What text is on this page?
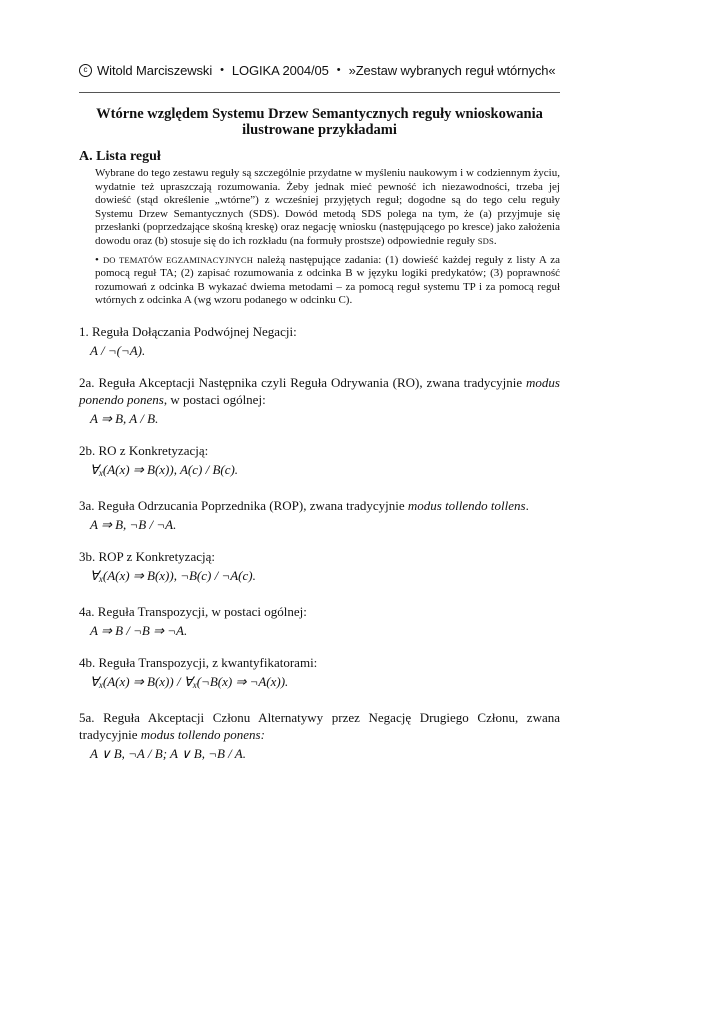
c Witold Marciszewski • LOGIKA 2004/05 • »Zestaw wybranych reguł wtórnych«
Wtórne względem Systemu Drzew Semantycznych reguły wnioskowania
ilustrowane przykładami
A. Lista reguł

Wybrane do tego zestawu reguły są szczególnie przydatne w myśleniu naukowym i w codziennym życiu, wydatnie też upraszczają rozumowania. Żeby jednak mieć pewność ich niezawodności, trzeba jej dowieść (stąd określenie „wtórne”) z wcześniej przyjętych reguł; dogodne są do tego celu reguły Systemu Drzew Semantycznych (SDS). Dowód metodą SDS polega na tym, że (a) przyjmuje się przesłanki (poprzedzające skośną kreskę) oraz negację wniosku (następującego po kresce) jako założenia dowodu oraz (b) stosuje się do ich rozkładu (na formuły prostsze) odpowiednie reguły SDS.

• DO TEMATÓW EGZAMINACYJNYCH należą następujące zadania: (1) dowieść każdej reguły z listy A za pomocą reguł TA; (2) zapisać rozumowania z odcinka B w języku logiki predykatów; (3) poprawność rozumowań z odcinka B wykazać dwiema metodami – za pomocą reguł systemu TP i za pomocą reguł wtórnych z odcinka A (wg wzoru podanego w odcinku C).

1. Reguła Dołączania Podwójnej Negacji:
A / ¬(¬A).
2a. Reguła Akceptacji Następnika czyli Reguła Odrywania (RO), zwana tradycyjnie modus ponendo ponens, w postaci ogólnej:
A ⇒ B, A / B.
2b. RO z Konkretyzacją:
$\forall_x(A(x)$ ⇒ B(x)), A(c) / B(c).
3a. Reguła Odrzucania Poprzednika (ROP), zwana tradycyjnie modus tollendo tollens.
A ⇒ B, ¬B / ¬A.
3b. ROP z Konkretyzacją:
$\forall_x(A(x)$ ⇒ B(x)), ¬B(c) / ¬A(c).
4a. Reguła Transpozycji, w postaci ogólnej:
A ⇒ B / ¬B ⇒ ¬A.
4b. Reguła Transpozycji, z kwantyfikatorami:
$\forall_x(A(x)$ ⇒ $B(x)) / \forall_x(\neg B(x)$ ⇒ ¬A(x)).
5a. Reguła Akceptacji Członu Alternatywy przez Negację Drugiego Członu, zwana tradycyjnie modus tollendo ponens:
A ∨ B, ¬A / B; A ∨ B, ¬B / A.
